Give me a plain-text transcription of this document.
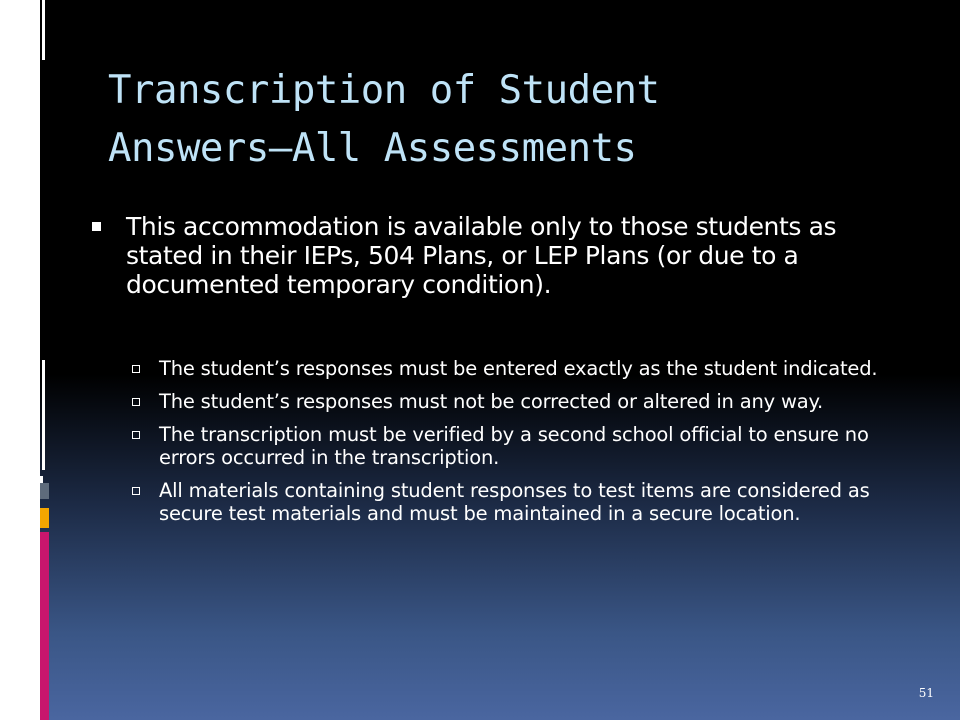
Transcription of Student
Answers—All Assessments
This accommodation is available only to those students as stated in their IEPs, 504 Plans, or LEP Plans (or due to a documented temporary condition).
The student’s responses must be entered exactly as the student indicated.
The student’s responses must not be corrected or altered in any way.
The transcription must be verified by a second school official to ensure no errors occurred in the transcription.
All materials containing student responses to test items are considered as secure test materials and must be maintained in a secure location.
51
